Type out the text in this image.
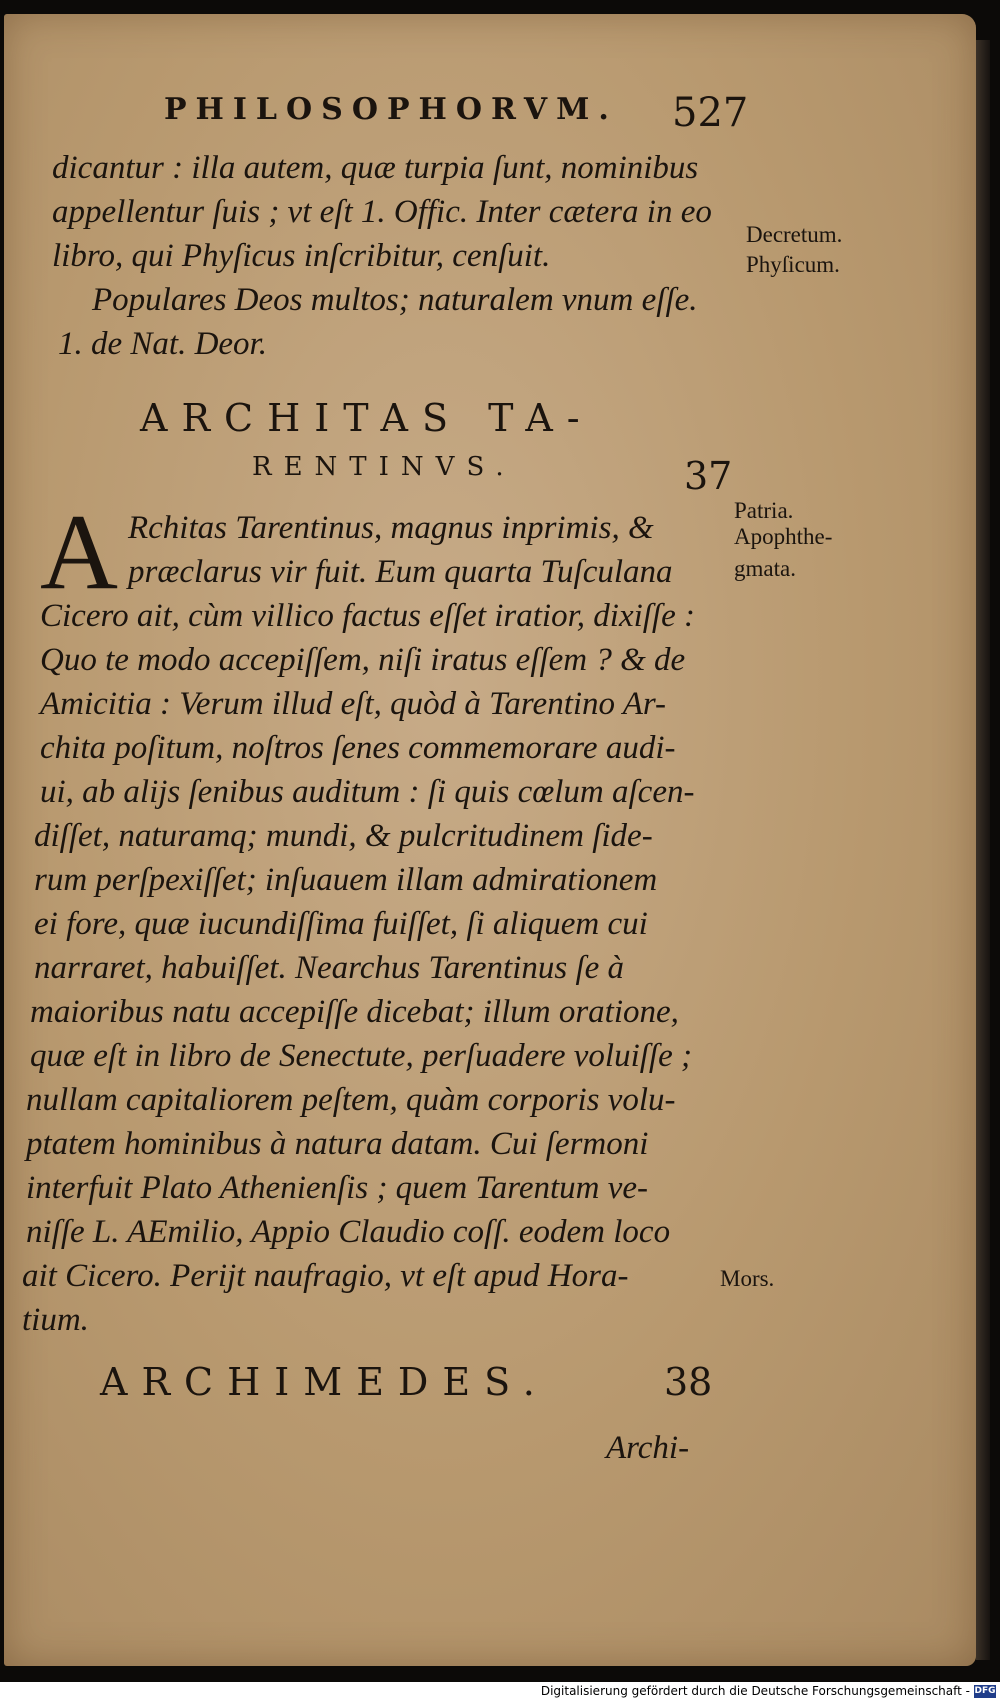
PHILOSOPHORVM. 527
dicantur : illa autem, quæ turpia ſunt, nominibus
appellentur ſuis ; vt eſt 1. Offic. Inter cætera in eo
libro, qui Phyſicus inſcribitur, cenſuit.
Populares Deos multos; naturalem vnum eſſe.
1. de Nat. Deor.
Decretum.
Phyſicum.
ARCHITAS TA-
RENTINVS.	37
Patria.
Apophthe-
gmata.
A Rchitas Tarentinus, magnus inprimis, &
præclarus vir fuit. Eum quarta Tuſculana
Cicero ait, cùm villico factus eſſet iratior, dixiſſe :
Quo te modo accepiſſem, niſi iratus eſſem ? & de
Amicitia : Verum illud eſt, quòd à Tarentino Ar-
chita poſitum, noſtros ſenes commemorare audi-
ui, ab alijs ſenibus auditum : ſi quis cœlum aſcen-
diſſet, naturamq; mundi, & pulcritudinem ſide-
rum perſpexiſſet; inſuauem illam admirationem
ei fore, quæ iucundiſſima fuiſſet, ſi aliquem cui
narraret, habuiſſet. Nearchus Tarentinus ſe à
maioribus natu accepiſſe dicebat; illum oratione,
quæ eſt in libro de Senectute, perſuadere voluiſſe ;
nullam capitaliorem peſtem, quàm corporis volu-
ptatem hominibus à natura datam. Cui ſermoni
interfuit Plato Athenienſis ; quem Tarentum ve-
niſſe L. AEmilio, Appio Claudio coſſ. eodem loco
ait Cicero. Perijt naufragio, vt eſt apud Hora-
tium.
Mors.
ARCHIMEDES.	38
Archi-
Digitalisierung gefördert durch die Deutsche Forschungsgemeinschaft - DFG
